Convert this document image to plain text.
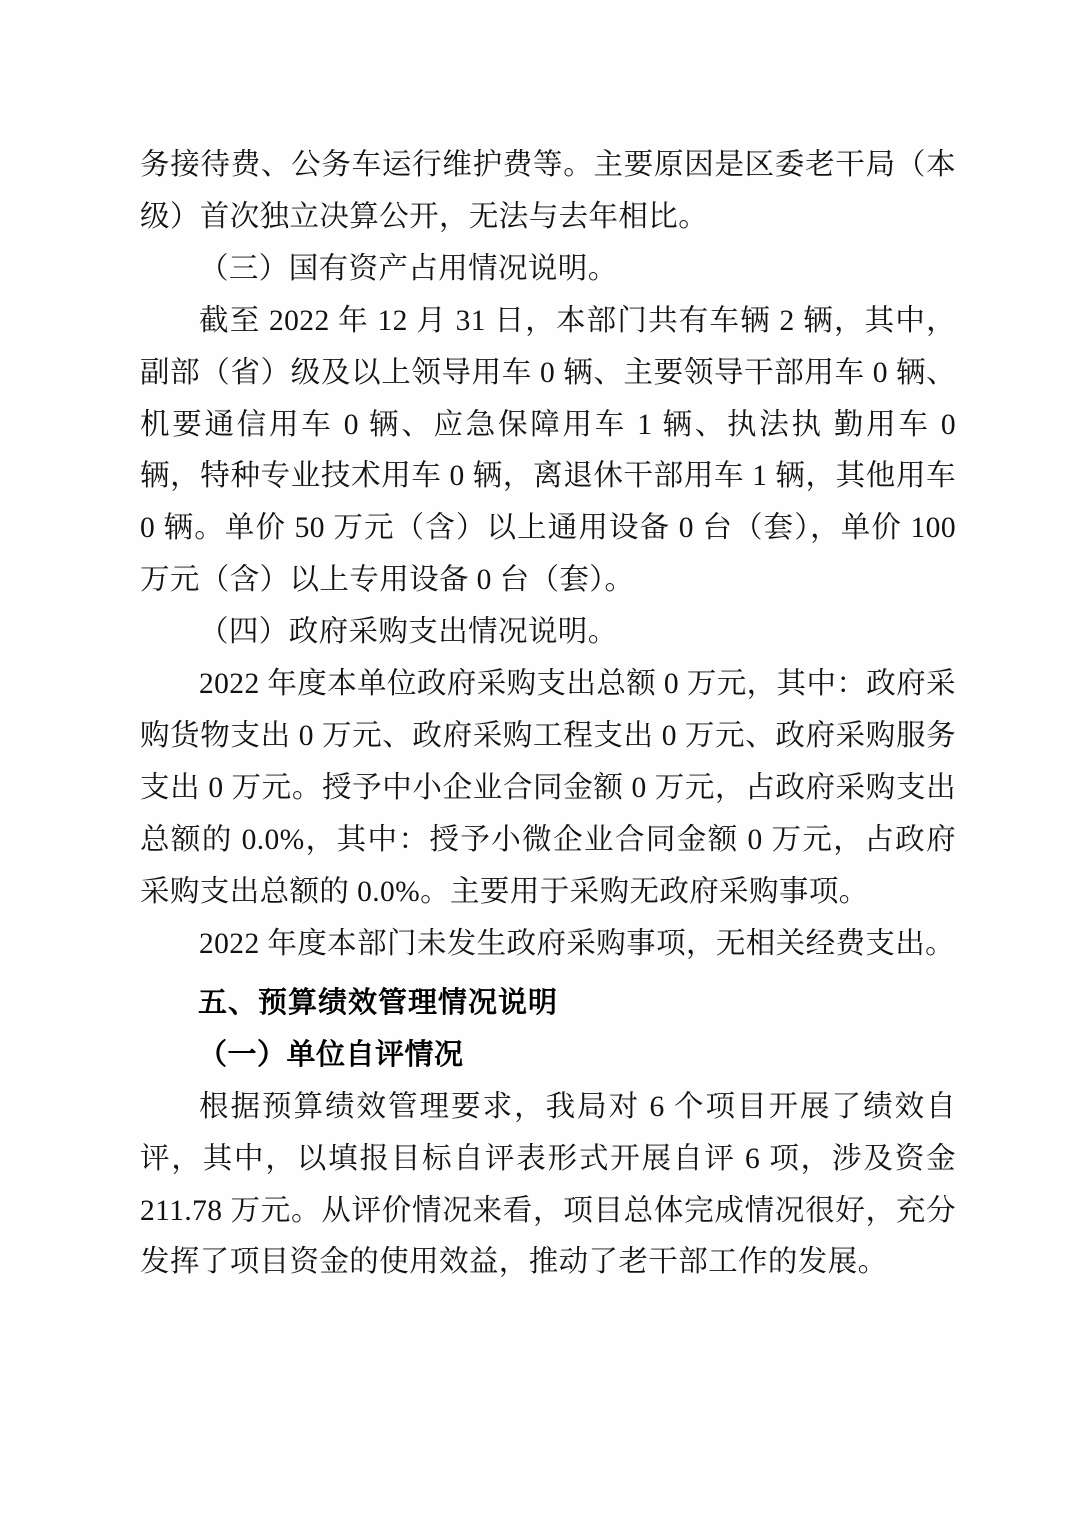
务接待费、公务车运行维护费等。主要原因是区委老干局（本级）首次独立决算公开，无法与去年相比。

（三）国有资产占用情况说明。

截至 2022 年 12 月 31 日，本部门共有车辆 2 辆，其中，副部（省）级及以上领导用车 0 辆、主要领导干部用车 0 辆、机要通信用车 0 辆、应急保障用车 1 辆、执法执 勤用车 0 辆，特种专业技术用车 0 辆，离退休干部用车 1 辆，其他用车 0 辆。单价 50 万元（含）以上通用设备 0 台（套），单价 100 万元（含）以上专用设备 0 台（套）。

（四）政府采购支出情况说明。

2022 年度本单位政府采购支出总额 0 万元，其中：政府采购货物支出 0 万元、政府采购工程支出 0 万元、政府采购服务支出 0 万元。授予中小企业合同金额 0 万元，占政府采购支出总额的 0.0%，其中：授予小微企业合同金额 0 万元，占政府采购支出总额的 0.0%。主要用于采购无政府采购事项。

2022 年度本部门未发生政府采购事项，无相关经费支出。

五、预算绩效管理情况说明

（一）单位自评情况

根据预算绩效管理要求，我局对 6 个项目开展了绩效自评，其中，以填报目标自评表形式开展自评 6 项，涉及资金 211.78 万元。从评价情况来看，项目总体完成情况很好，充分发挥了项目资金的使用效益，推动了老干部工作的发展。
